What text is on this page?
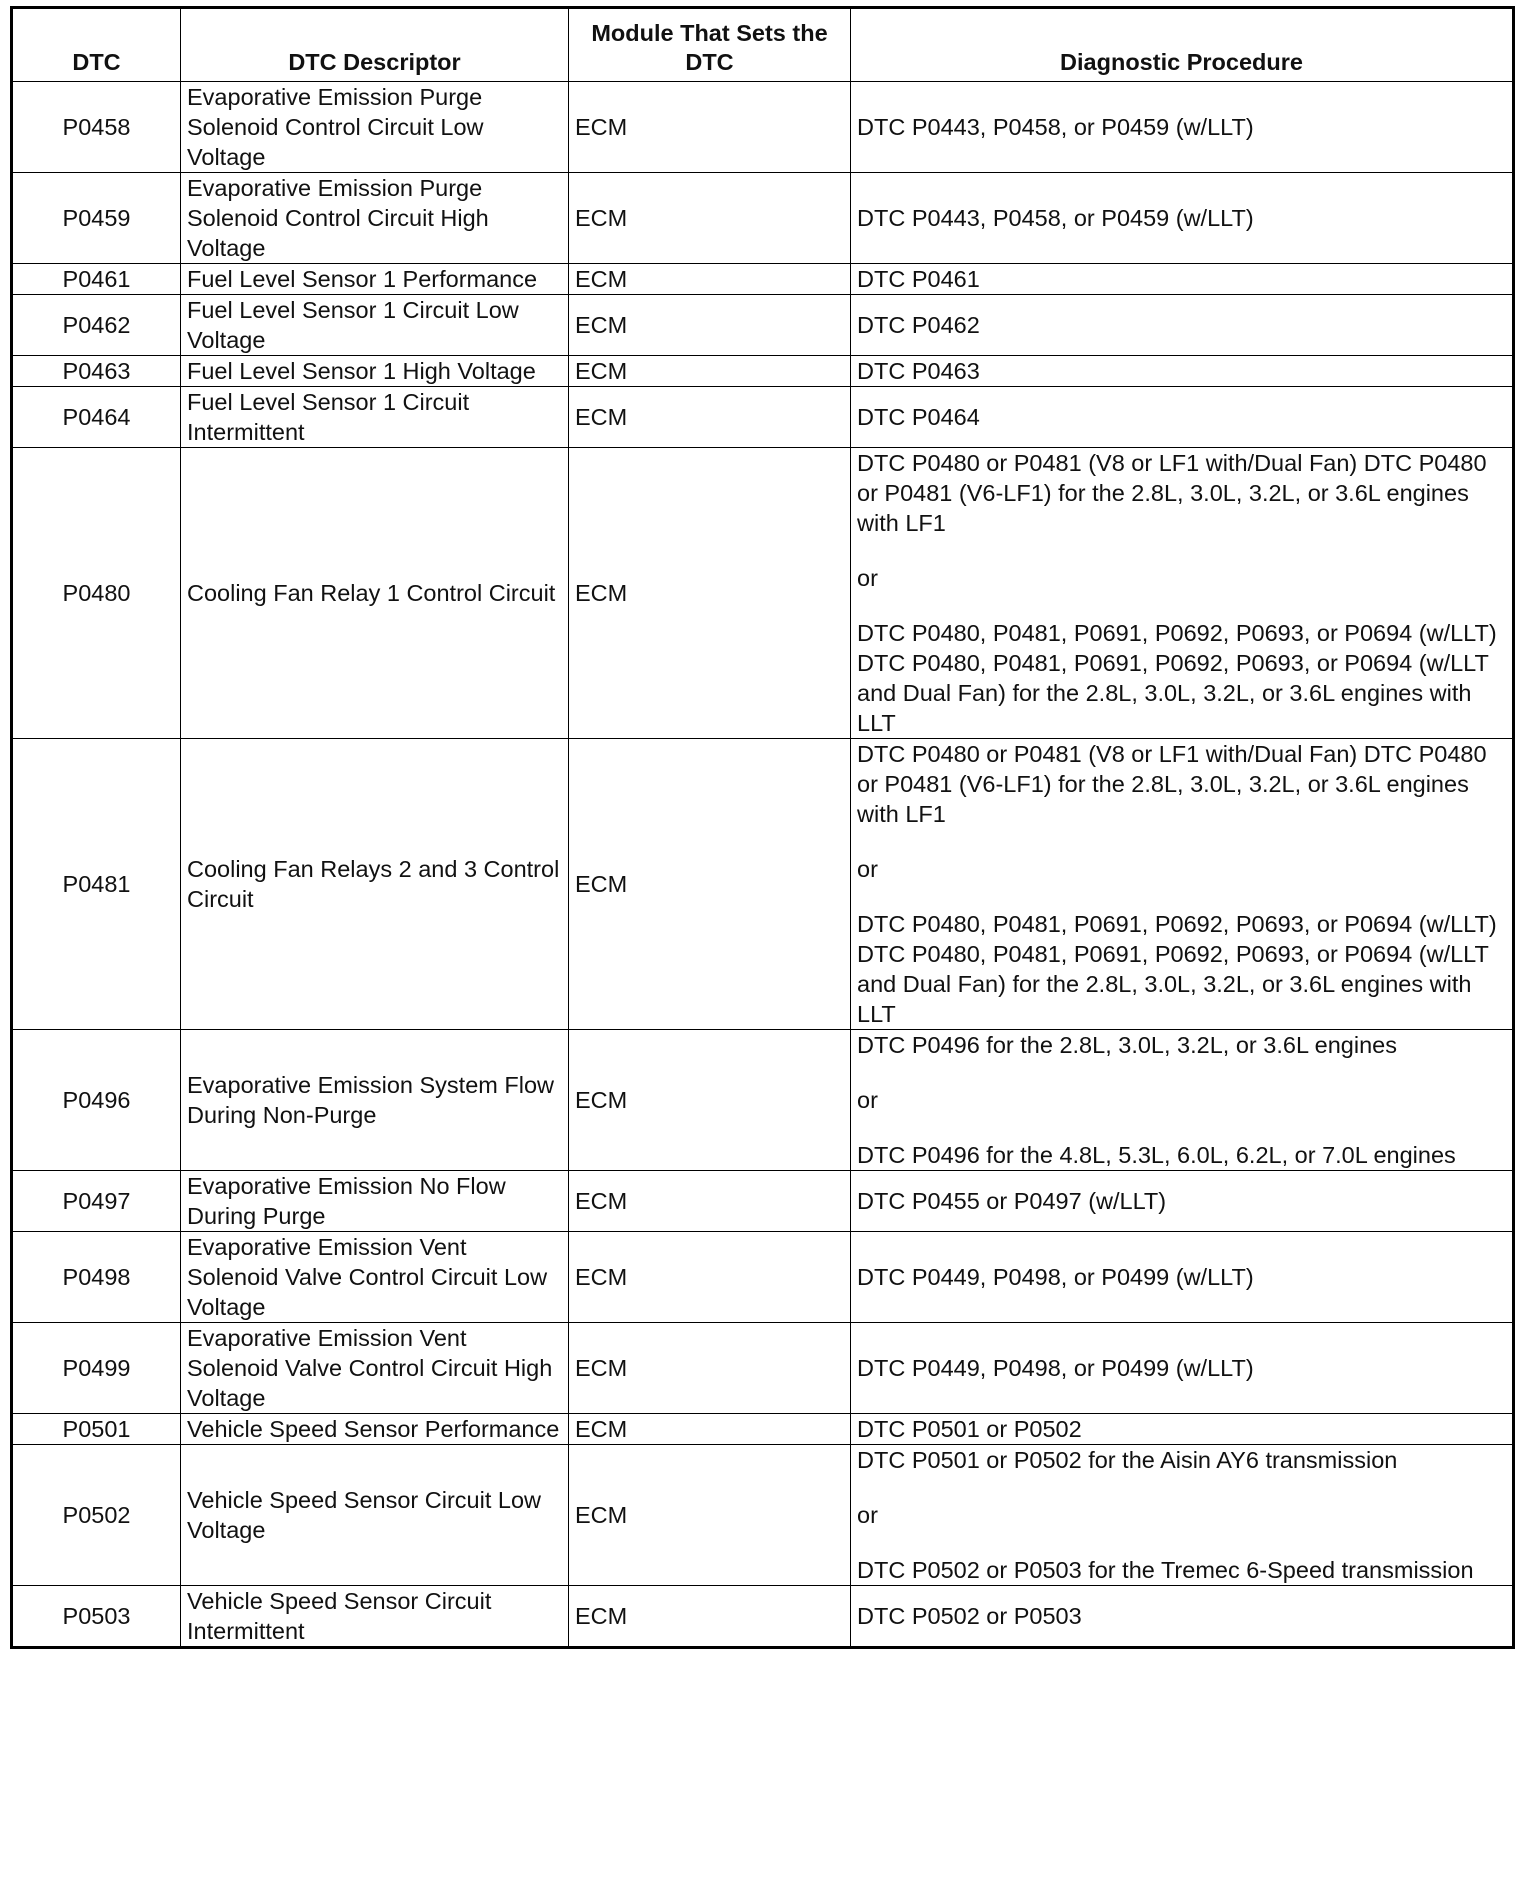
DTC	DTC Descriptor	Module That Sets the DTC	Diagnostic Procedure
P0458	Evaporative Emission Purge Solenoid Control Circuit Low Voltage	ECM	DTC P0443, P0458, or P0459 (w/LLT)

P0459	Evaporative Emission Purge Solenoid Control Circuit High Voltage	ECM	DTC P0443, P0458, or P0459 (w/LLT)

P0461	Fuel Level Sensor 1 Performance	ECM	DTC P0461

P0462	Fuel Level Sensor 1 Circuit Low Voltage	ECM	DTC P0462

P0463	Fuel Level Sensor 1 High Voltage	ECM	DTC P0463

P0464	Fuel Level Sensor 1 Circuit Intermittent	ECM	DTC P0464

P0480	Cooling Fan Relay 1 Control Circuit	ECM	DTC P0480 or P0481 (V8 or LF1 with/Dual Fan) DTC P0480 or P0481 (V6-LF1) for the 2.8L, 3.0L, 3.2L, or 3.6L engines with LF1
or
DTC P0480, P0481, P0691, P0692, P0693, or P0694 (w/LLT) DTC P0480, P0481, P0691, P0692, P0693, or P0694 (w/LLT and Dual Fan) for the 2.8L, 3.0L, 3.2L, or 3.6L engines with LLT

P0481	Cooling Fan Relays 2 and 3 Control Circuit	ECM	DTC P0480 or P0481 (V8 or LF1 with/Dual Fan) DTC P0480 or P0481 (V6-LF1) for the 2.8L, 3.0L, 3.2L, or 3.6L engines with LF1
or
DTC P0480, P0481, P0691, P0692, P0693, or P0694 (w/LLT) DTC P0480, P0481, P0691, P0692, P0693, or P0694 (w/LLT and Dual Fan) for the 2.8L, 3.0L, 3.2L, or 3.6L engines with LLT

P0496	Evaporative Emission System Flow During Non-Purge	ECM	DTC P0496 for the 2.8L, 3.0L, 3.2L, or 3.6L engines
or
DTC P0496 for the 4.8L, 5.3L, 6.0L, 6.2L, or 7.0L engines

P0497	Evaporative Emission No Flow During Purge	ECM	DTC P0455 or P0497 (w/LLT)

P0498	Evaporative Emission Vent Solenoid Valve Control Circuit Low Voltage	ECM	DTC P0449, P0498, or P0499 (w/LLT)

P0499	Evaporative Emission Vent Solenoid Valve Control Circuit High Voltage	ECM	DTC P0449, P0498, or P0499 (w/LLT)

P0501	Vehicle Speed Sensor Performance	ECM	DTC P0501 or P0502

P0502	Vehicle Speed Sensor Circuit Low Voltage	ECM	DTC P0501 or P0502 for the Aisin AY6 transmission
or
DTC P0502 or P0503 for the Tremec 6-Speed transmission

P0503	Vehicle Speed Sensor Circuit Intermittent	ECM	DTC P0502 or P0503
